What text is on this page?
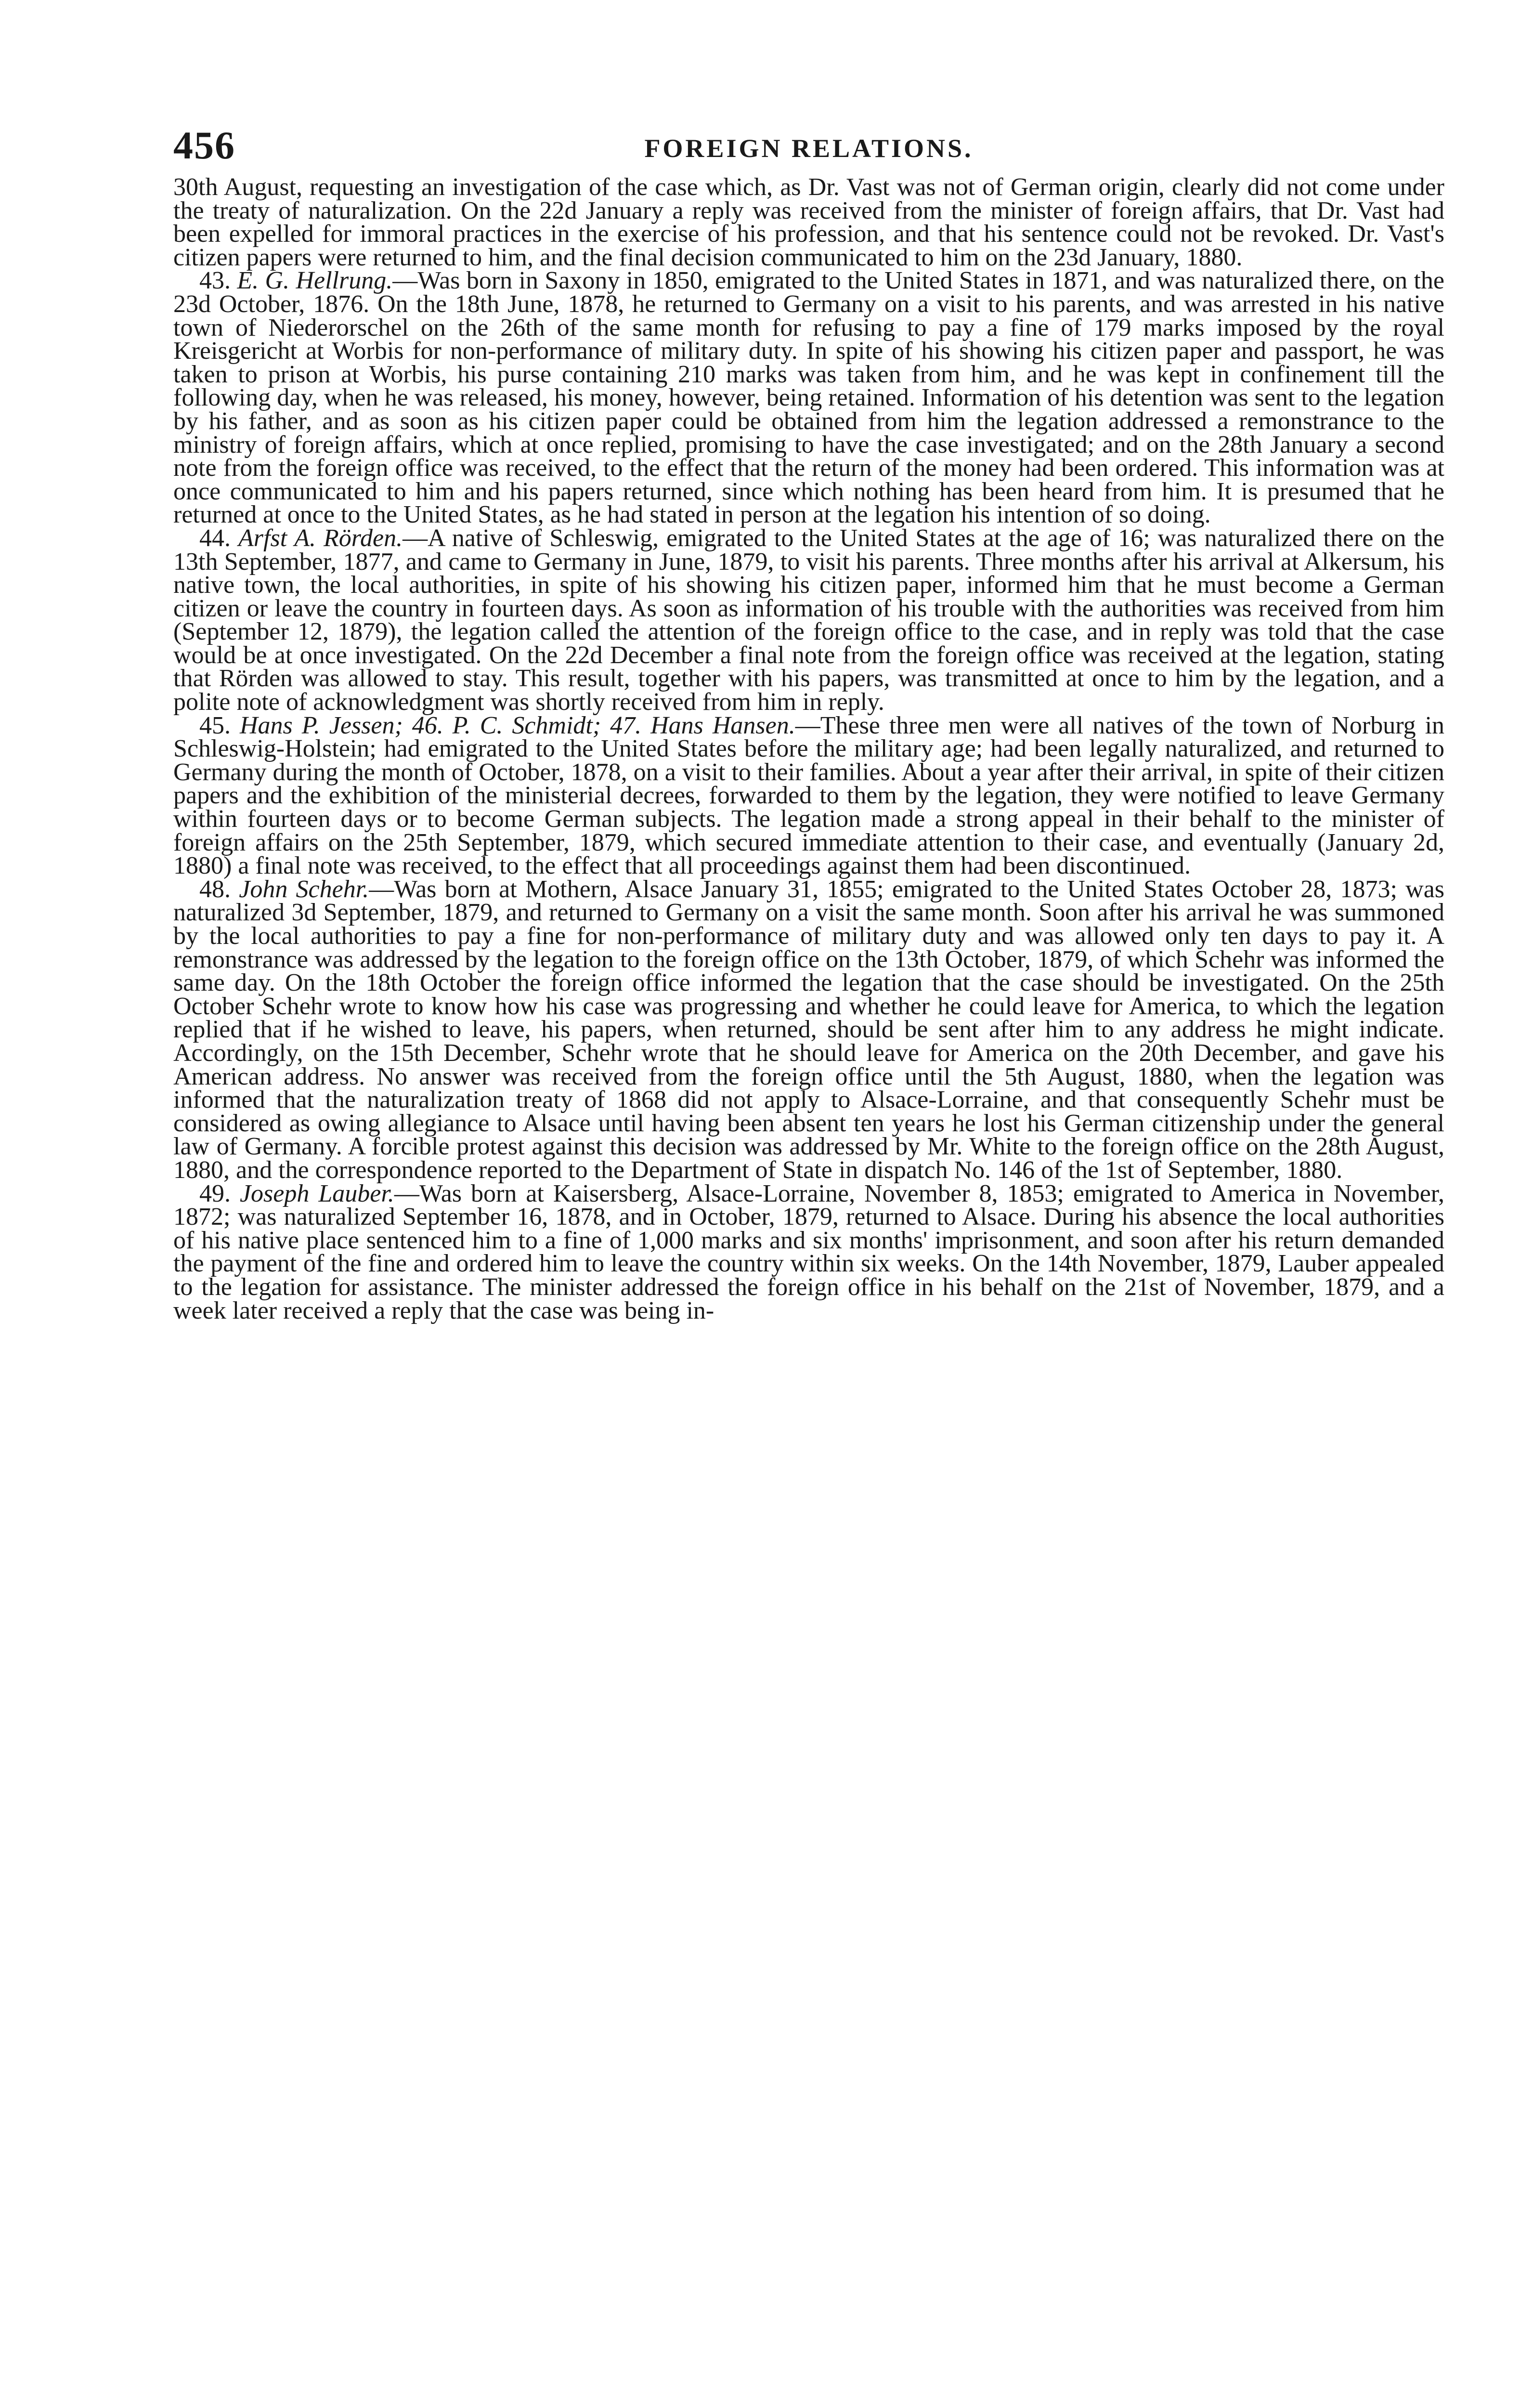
456	FOREIGN RELATIONS.

30th August, requesting an investigation of the case which, as Dr. Vast was not of German origin, clearly did not come under the treaty of naturalization. On the 22d January a reply was received from the minister of foreign affairs, that Dr. Vast had been expelled for immoral practices in the exercise of his profession, and that his sentence could not be revoked. Dr. Vast's citizen papers were returned to him, and the final decision communicated to him on the 23d January, 1880.

43. E. G. Hellrung.—Was born in Saxony in 1850, emigrated to the United States in 1871, and was naturalized there, on the 23d October, 1876. On the 18th June, 1878, he returned to Germany on a visit to his parents, and was arrested in his native town of Niederorschel on the 26th of the same month for refusing to pay a fine of 179 marks imposed by the royal Kreisgericht at Worbis for non-performance of military duty. In spite of his showing his citizen paper and passport, he was taken to prison at Worbis, his purse containing 210 marks was taken from him, and he was kept in confinement till the following day, when he was released, his money, however, being retained. Information of his detention was sent to the legation by his father, and as soon as his citizen paper could be obtained from him the legation addressed a remonstrance to the ministry of foreign affairs, which at once replied, promising to have the case investigated; and on the 28th January a second note from the foreign office was received, to the effect that the return of the money had been ordered. This information was at once communicated to him and his papers returned, since which nothing has been heard from him. It is presumed that he returned at once to the United States, as he had stated in person at the legation his intention of so doing.

44. Arfst A. Rörden.—A native of Schleswig, emigrated to the United States at the age of 16; was naturalized there on the 13th September, 1877, and came to Germany in June, 1879, to visit his parents. Three months after his arrival at Alkersum, his native town, the local authorities, in spite of his showing his citizen paper, informed him that he must become a German citizen or leave the country in fourteen days. As soon as information of his trouble with the authorities was received from him (September 12, 1879), the legation called the attention of the foreign office to the case, and in reply was told that the case would be at once investigated. On the 22d December a final note from the foreign office was received at the legation, stating that Rörden was allowed to stay. This result, together with his papers, was transmitted at once to him by the legation, and a polite note of acknowledgment was shortly received from him in reply.

45. Hans P. Jessen; 46. P. C. Schmidt; 47. Hans Hansen.—These three men were all natives of the town of Norburg in Schleswig-Holstein; had emigrated to the United States before the military age; had been legally naturalized, and returned to Germany during the month of October, 1878, on a visit to their families. About a year after their arrival, in spite of their citizen papers and the exhibition of the ministerial decrees, forwarded to them by the legation, they were notified to leave Germany within fourteen days or to become German subjects. The legation made a strong appeal in their behalf to the minister of foreign affairs on the 25th September, 1879, which secured immediate attention to their case, and eventually (January 2d, 1880) a final note was received, to the effect that all proceedings against them had been discontinued.

48. John Schehr.—Was born at Mothern, Alsace January 31, 1855; emigrated to the United States October 28, 1873; was naturalized 3d September, 1879, and returned to Germany on a visit the same month. Soon after his arrival he was summoned by the local authorities to pay a fine for non-performance of military duty and was allowed only ten days to pay it. A remonstrance was addressed by the legation to the foreign office on the 13th October, 1879, of which Schehr was informed the same day. On the 18th October the foreign office informed the legation that the case should be investigated. On the 25th October Schehr wrote to know how his case was progressing and whether he could leave for America, to which the legation replied that if he wished to leave, his papers, when returned, should be sent after him to any address he might indicate. Accordingly, on the 15th December, Schehr wrote that he should leave for America on the 20th December, and gave his American address. No answer was received from the foreign office until the 5th August, 1880, when the legation was informed that the naturalization treaty of 1868 did not apply to Alsace-Lorraine, and that consequently Schehr must be considered as owing allegiance to Alsace until having been absent ten years he lost his German citizenship under the general law of Germany. A forcible protest against this decision was addressed by Mr. White to the foreign office on the 28th August, 1880, and the correspondence reported to the Department of State in dispatch No. 146 of the 1st of September, 1880.

49. Joseph Lauber.—Was born at Kaisersberg, Alsace-Lorraine, November 8, 1853; emigrated to America in November, 1872; was naturalized September 16, 1878, and in October, 1879, returned to Alsace. During his absence the local authorities of his native place sentenced him to a fine of 1,000 marks and six months' imprisonment, and soon after his return demanded the payment of the fine and ordered him to leave the country within six weeks. On the 14th November, 1879, Lauber appealed to the legation for assistance. The minister addressed the foreign office in his behalf on the 21st of November, 1879, and a week later received a reply that the case was being in-
